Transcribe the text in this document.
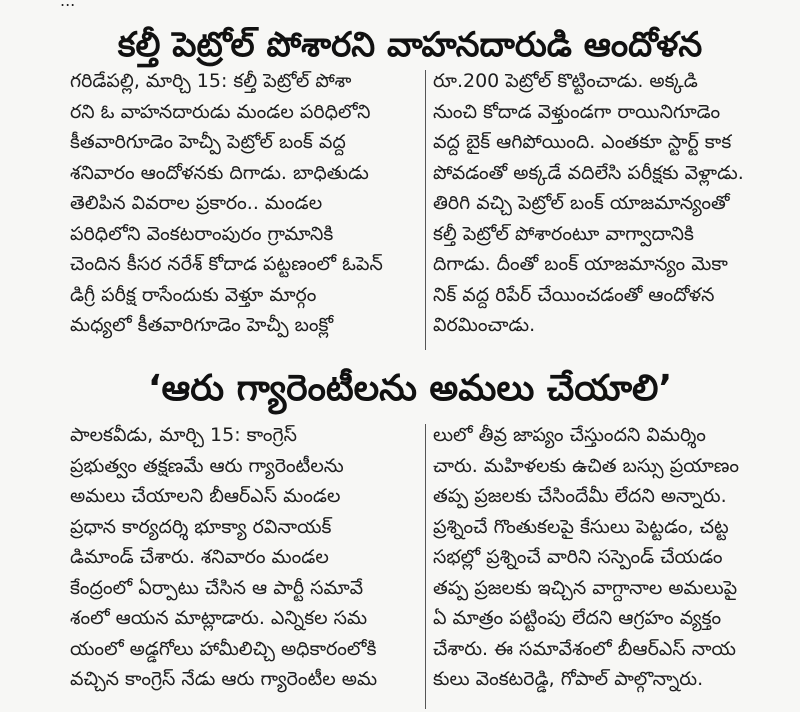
కల్తీ పెట్రోల్ పోశారని వాహనదారుడి ఆందోళన
గరిడేపల్లి, మార్చి 15: కల్తీ పెట్రోల్ పోశా
రని ఓ వాహనదారుడు మండల పరిధిలోని
కీతవారిగూడెం హెచ్పీ పెట్రోల్ బంక్ వద్ద
శనివారం ఆందోళనకు దిగాడు. బాధితుడు
తెలిపిన వివరాల ప్రకారం.. మండల
పరిధిలోని వెంకటరాంపురం గ్రామానికి
చెందిన కీసర నరేశ్ కోదాడ పట్టణంలో ఓపెన్
డిగ్రీ పరీక్ష రాసేందుకు వెళ్తూ మార్గం
మధ్యలో కీతవారిగూడెం హెచ్పీ బంక్లో
రూ.200 పెట్రోల్ కొట్టించాడు. అక్కడి
నుంచి కోదాడ వెళ్తుండగా రాయినిగూడెం
వద్ద బైక్ ఆగిపోయింది. ఎంతకూ స్టార్ట్ కాక
పోవడంతో అక్కడే వదిలేసి పరీక్షకు వెళ్లాడు.
తిరిగి వచ్చి పెట్రోల్ బంక్ యాజమాన్యంతో
కల్తీ పెట్రోల్ పోశారంటూ వాగ్వాదానికి
దిగాడు. దీంతో బంక్ యాజమాన్యం మెకా
నిక్ వద్ద రిపేర్ చేయించడంతో ఆందోళన
విరమించాడు.
‘ఆరు గ్యారెంటీలను అమలు చేయాలి’
పాలకవీడు, మార్చి 15: కాంగ్రెస్
ప్రభుత్వం తక్షణమే ఆరు గ్యారెంటీలను
అమలు చేయాలని బీఆర్ఎస్ మండల
ప్రధాన కార్యదర్శి భూక్యా రవినాయక్
డిమాండ్ చేశారు. శనివారం మండల
కేంద్రంలో ఏర్పాటు చేసిన ఆ పార్టీ సమావే
శంలో ఆయన మాట్లాడారు. ఎన్నికల సమ
యంలో అడ్డగోలు హామీలిచ్చి అధికారంలోకి
వచ్చిన కాంగ్రెస్ నేడు ఆరు గ్యారెంటీల అమ
లులో తీవ్ర జాప్యం చేస్తుందని విమర్శిం
చారు. మహిళలకు ఉచిత బస్సు ప్రయాణం
తప్ప ప్రజలకు చేసిందేమీ లేదని అన్నారు.
ప్రశ్నించే గొంతుకలపై కేసులు పెట్టడం, చట్ట
సభల్లో ప్రశ్నించే వారిని సస్పెండ్ చేయడం
తప్ప ప్రజలకు ఇచ్చిన వాగ్దానాల అమలుపై
ఏ మాత్రం పట్టింపు లేదని ఆగ్రహం వ్యక్తం
చేశారు. ఈ సమావేశంలో బీఆర్ఎస్ నాయ
కులు వెంకటరెడ్డి, గోపాల్ పాల్గొన్నారు.
